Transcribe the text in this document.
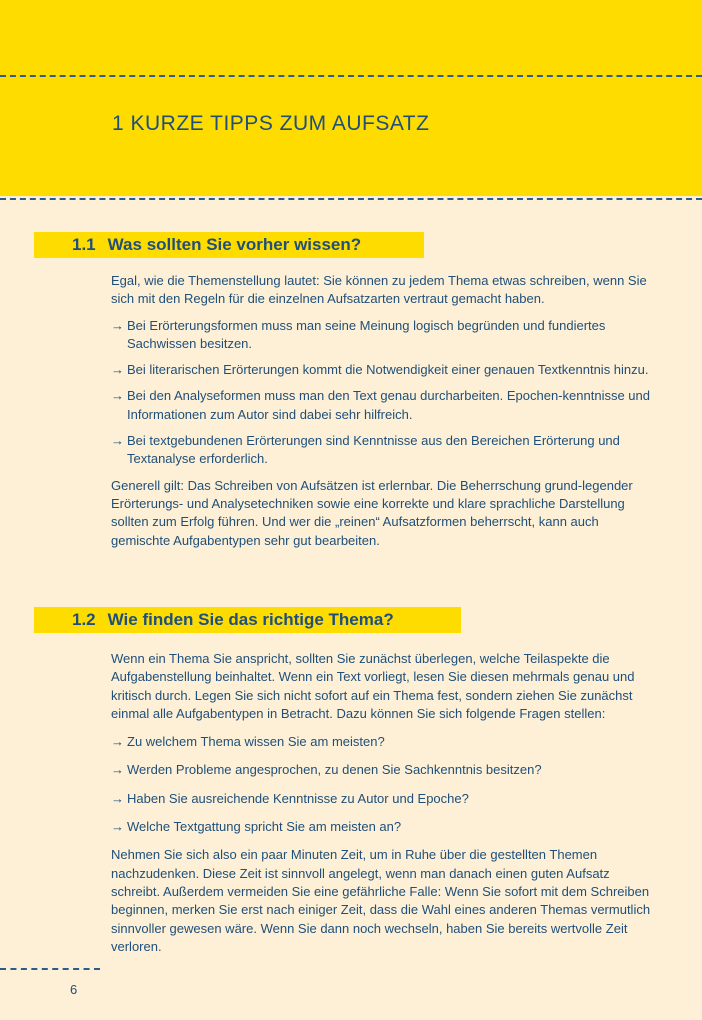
1 KURZE TIPPS ZUM AUFSATZ
1.1 Was sollten Sie vorher wissen?

Egal, wie die Themenstellung lautet: Sie können zu jedem Thema etwas schreiben, wenn Sie sich mit den Regeln für die einzelnen Aufsatzarten vertraut gemacht haben.

→ Bei Erörterungsformen muss man seine Meinung logisch begründen und fundiertes Sachwissen besitzen.
→ Bei literarischen Erörterungen kommt die Notwendigkeit einer genauen Textkenntnis hinzu.
→ Bei den Analyseformen muss man den Text genau durcharbeiten. Epochen-kenntnisse und Informationen zum Autor sind dabei sehr hilfreich.
→ Bei textgebundenen Erörterungen sind Kenntnisse aus den Bereichen Erörterung und Textanalyse erforderlich.

Generell gilt: Das Schreiben von Aufsätzen ist erlernbar. Die Beherrschung grund-legender Erörterungs- und Analysetechniken sowie eine korrekte und klare sprachliche Darstellung sollten zum Erfolg führen. Und wer die „reinen“ Aufsatzformen beherrscht, kann auch gemischte Aufgabentypen sehr gut bearbeiten.

1.2 Wie finden Sie das richtige Thema?

Wenn ein Thema Sie anspricht, sollten Sie zunächst überlegen, welche Teilaspekte die Aufgabenstellung beinhaltet. Wenn ein Text vorliegt, lesen Sie diesen mehrmals genau und kritisch durch. Legen Sie sich nicht sofort auf ein Thema fest, sondern ziehen Sie zunächst einmal alle Aufgabentypen in Betracht. Dazu können Sie sich folgende Fragen stellen:

→ Zu welchem Thema wissen Sie am meisten?
→ Werden Probleme angesprochen, zu denen Sie Sachkenntnis besitzen?
→ Haben Sie ausreichende Kenntnisse zu Autor und Epoche?
→ Welche Textgattung spricht Sie am meisten an?

Nehmen Sie sich also ein paar Minuten Zeit, um in Ruhe über die gestellten Themen nachzudenken. Diese Zeit ist sinnvoll angelegt, wenn man danach einen guten Aufsatz schreibt. Außerdem vermeiden Sie eine gefährliche Falle: Wenn Sie sofort mit dem Schreiben beginnen, merken Sie erst nach einiger Zeit, dass die Wahl eines anderen Themas vermutlich sinnvoller gewesen wäre. Wenn Sie dann noch wechseln, haben Sie bereits wertvolle Zeit verloren.

6
